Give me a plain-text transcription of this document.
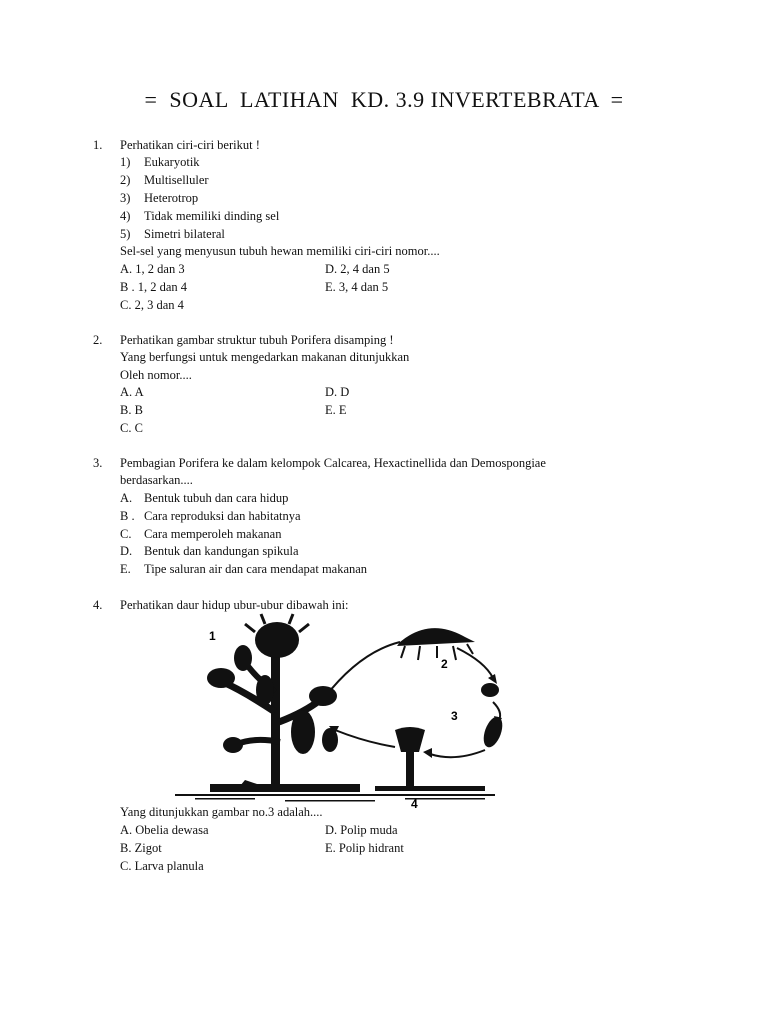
=  SOAL  LATIHAN  KD. 3.9 INVERTEBRATA  =
1. Perhatikan ciri-ciri berikut !
1) Eukaryotik
2) Multiselluler
3) Heterotrop
4) Tidak memiliki dinding sel
5) Simetri bilateral
Sel-sel yang menyusun tubuh hewan memiliki ciri-ciri nomor....
A. 1, 2 dan 3	D. 2, 4 dan 5
B . 1, 2 dan 4	E. 3, 4 dan 5
C. 2, 3 dan 4
2. Perhatikan gambar struktur tubuh Porifera disamping !
Yang berfungsi untuk mengedarkan makanan ditunjukkan
Oleh nomor....
A. A	D. D
B. B	E. E
C. C
3. Pembagian Porifera ke dalam kelompok Calcarea, Hexactinellida dan Demospongiae
berdasarkan....
A. Bentuk tubuh dan cara hidup
B . Cara reproduksi dan habitatnya
C. Cara memperoleh makanan
D. Bentuk dan kandungan spikula
E. Tipe saluran air dan cara mendapat makanan
4. Perhatikan daur hidup ubur-ubur dibawah ini:
1
2
3
4
Yang ditunjukkan gambar no.3 adalah....
A. Obelia dewasa	D. Polip muda
B. Zigot	E. Polip hidrant
C. Larva planula
